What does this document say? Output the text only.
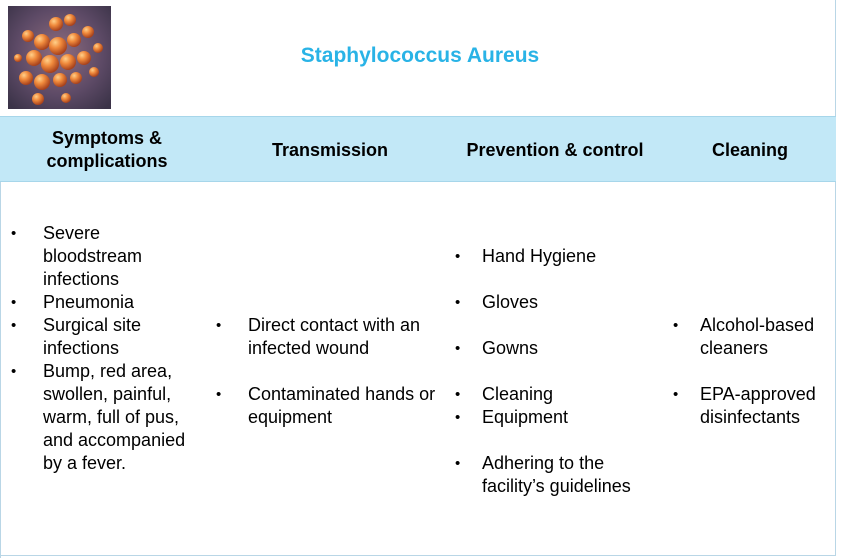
Staphylococcus Aureus
Symptoms & complications
Transmission	Prevention & control	Cleaning
• Severe bloodstream infections
• Pneumonia
• Surgical site infections
• Bump, red area, swollen, painful, warm, full of pus, and accompanied by a fever.
• Direct contact with an infected wound
• Contaminated hands or equipment
• Hand Hygiene
• Gloves
• Gowns
• Cleaning
• Equipment
• Adhering to the facility’s guidelines
• Alcohol-based cleaners
• EPA-approved disinfectants
